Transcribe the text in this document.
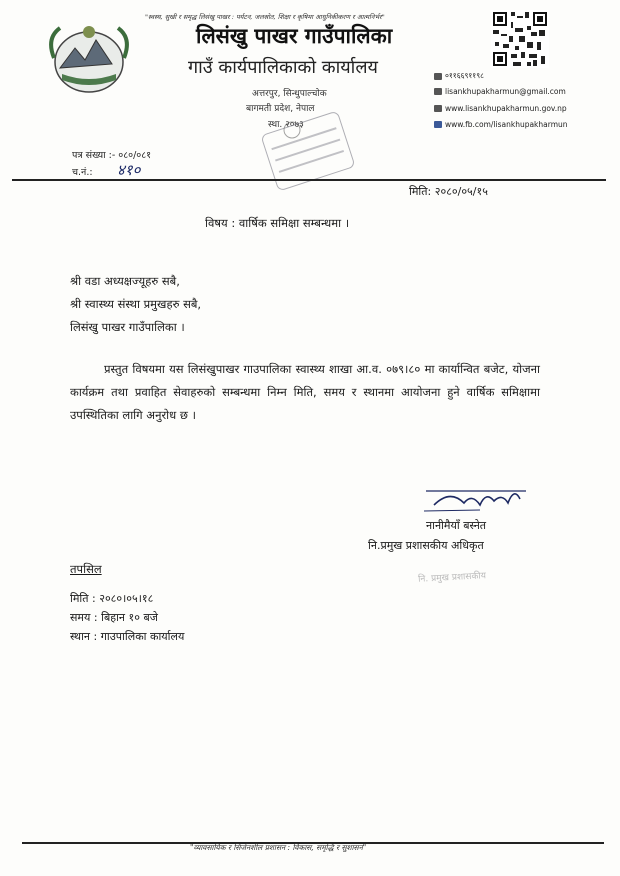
"स्वस्थ, सुखी र समृद्ध लिसंखु पाखर : पर्यटन, जलस्रोत, शिक्षा र कृषिमा आधुनिकीकरण र आत्मनिर्भर"
लिसंखु पाखर गाउँपालिका
गाउँ कार्यपालिकाको कार्यालय
अत्तरपुर, सिन्धुपाल्चोक
बागमती प्रदेश, नेपाल
स्था. २०७३
०११६६९११९८
lisankhupakharmun@gmail.com
www.lisankhupakharmun.gov.np
www.fb.com/lisankhupakharmun
पत्र संख्या :- ०८०/०८१
च.नं.: ४१०
मिति: २०८०/०५/१५
विषय : वार्षिक समिक्षा सम्बन्धमा ।
श्री वडा अध्यक्षज्यूहरु सबै,
श्री स्वास्थ्य संस्था प्रमुखहरु सबै,
लिसंखु पाखर गाउँपालिका ।
प्रस्तुत विषयमा यस लिसंखुपाखर गाउपालिका स्वास्थ्य शाखा आ.व. ०७९।८० मा कार्यान्वित बजेट, योजना कार्यक्रम तथा प्रवाहित सेवाहरुको सम्बन्धमा निम्न मिति, समय र स्थानमा आयोजना हुने वार्षिक समिक्षामा उपस्थितिका लागि अनुरोध छ ।
नानीमैयाँ बस्नेत
नि.प्रमुख प्रशासकीय अधिकृत
नि. प्रमुख प्रशासकीय
तपसिल
मिति : २०८०।०५।१८
समय : बिहान १० बजे
स्थान : गाउपालिका कार्यालय
"व्यावसायिक र सिर्जनशील प्रशासन : विकास, समृद्धि र सुशासन"
